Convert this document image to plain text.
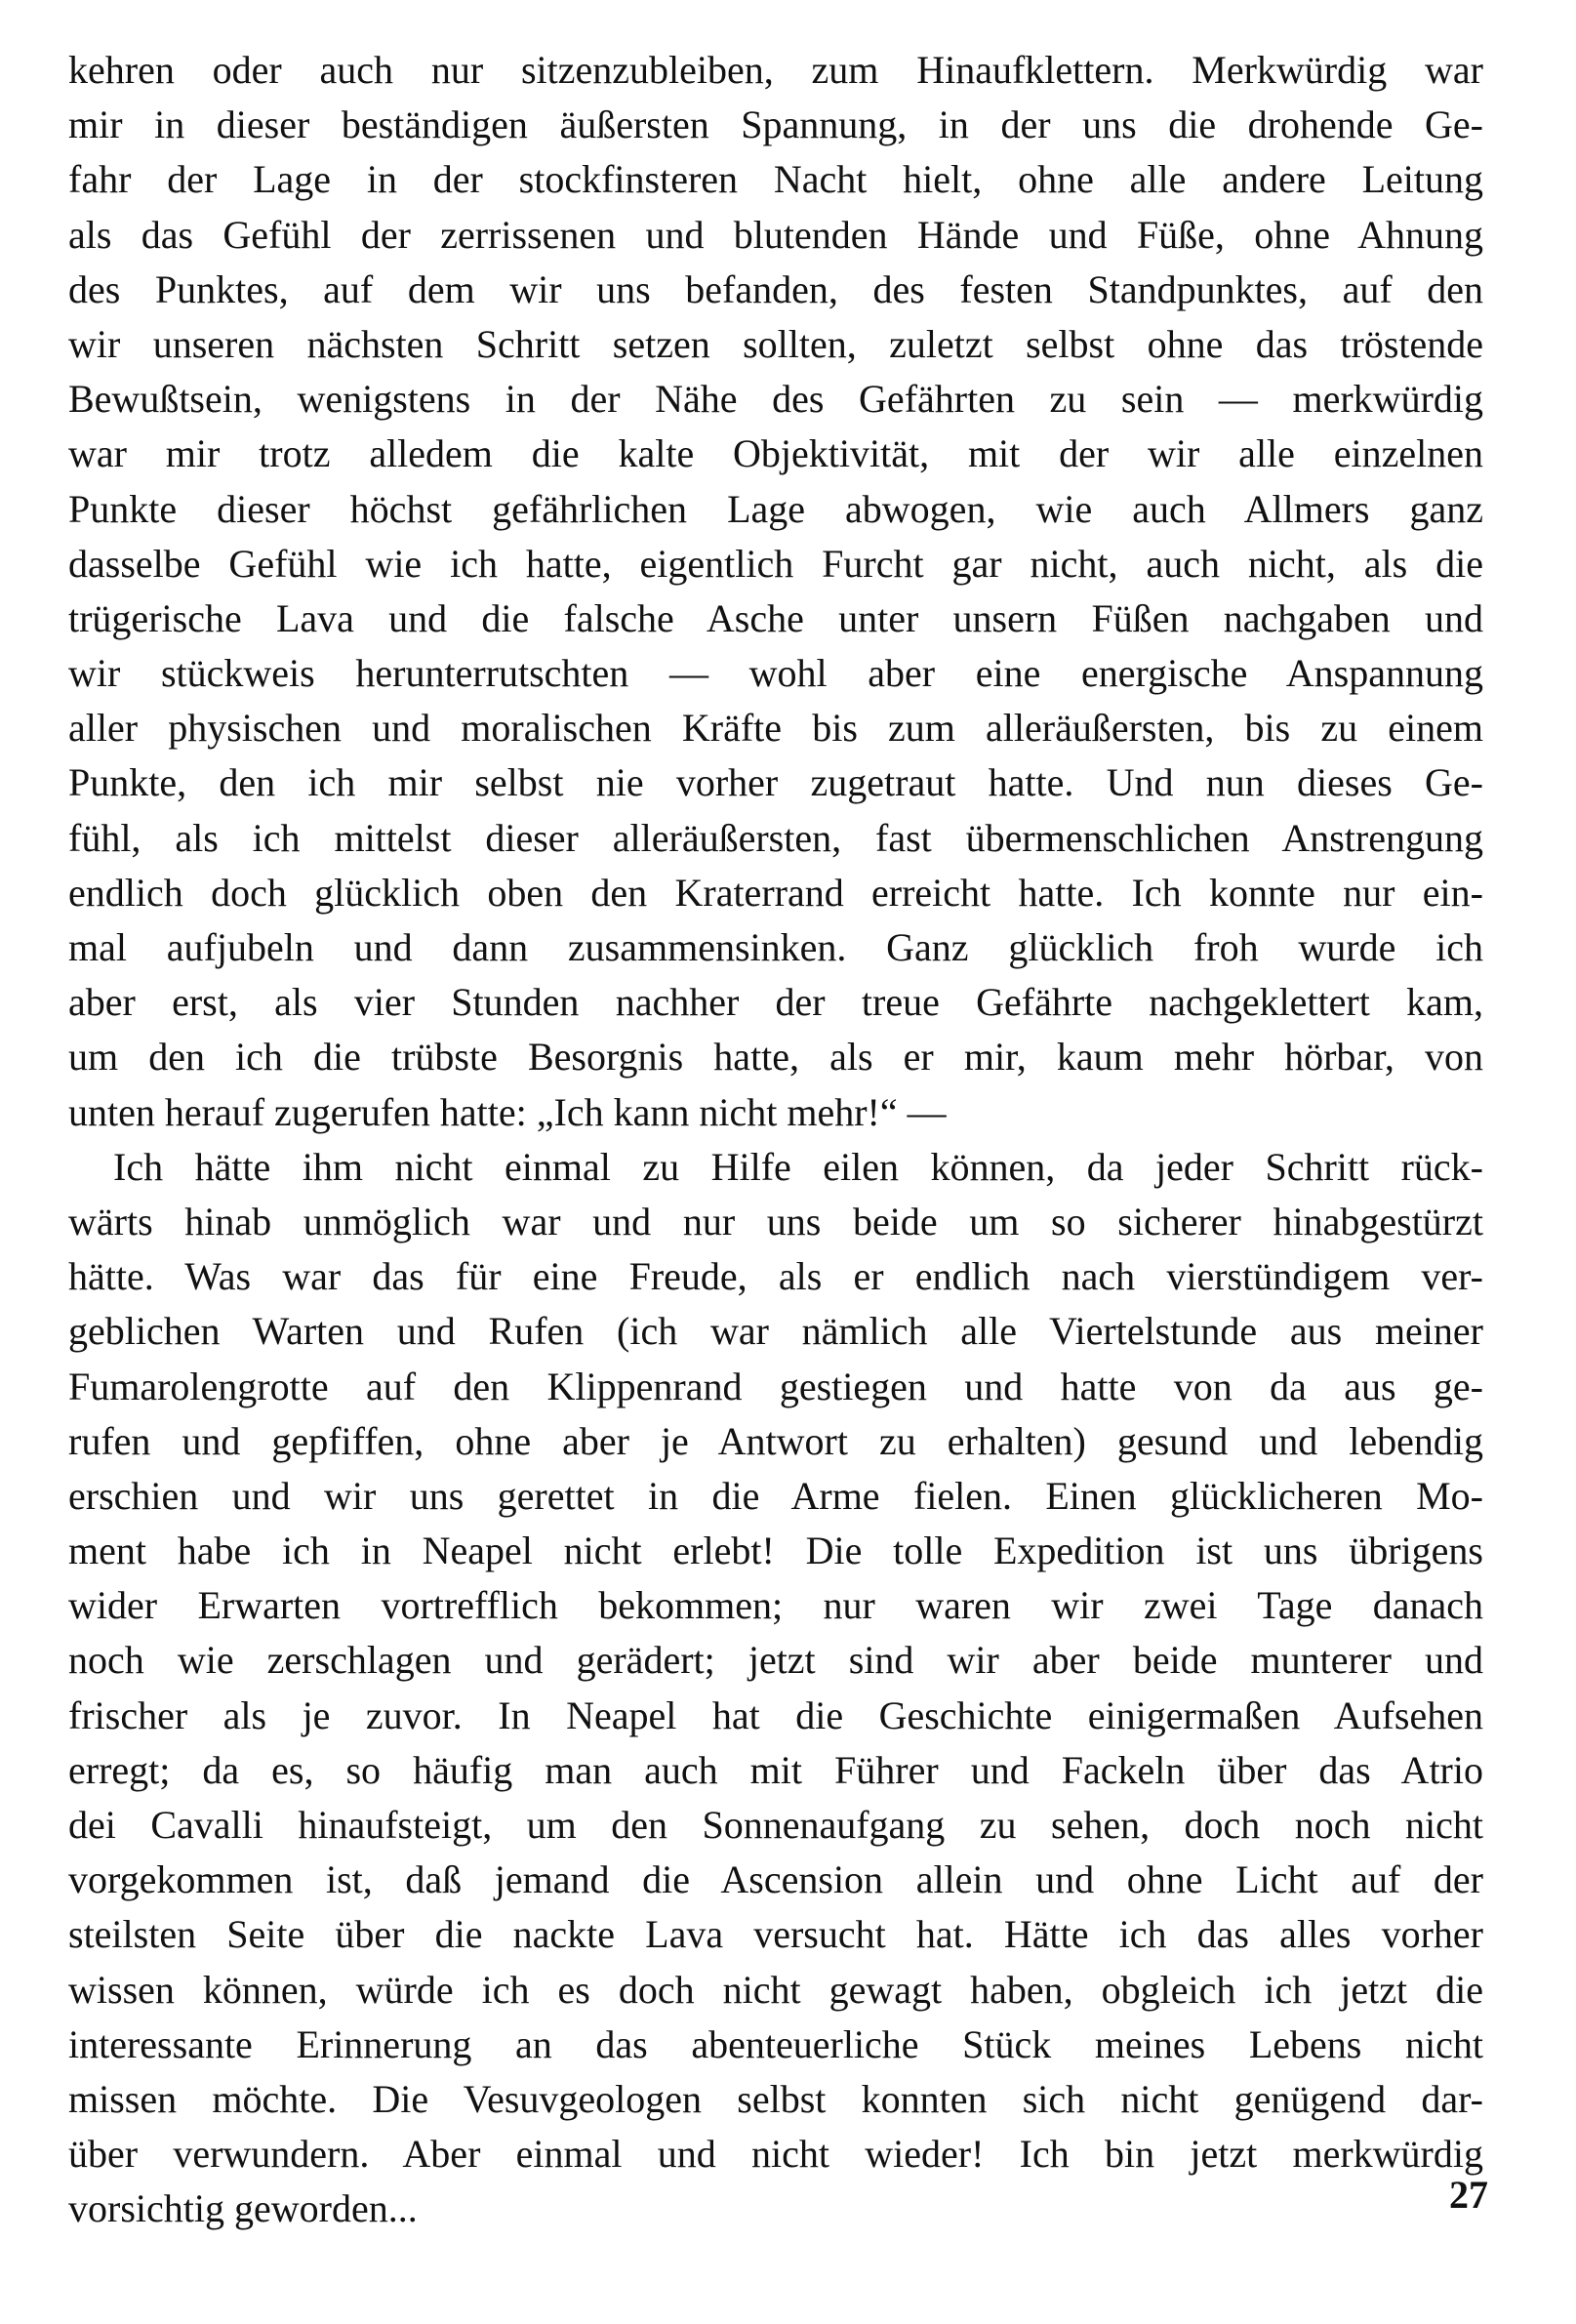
kehren oder auch nur sitzenzubleiben, zum Hinaufklettern. Merkwürdig war
mir in dieser beständigen äußersten Spannung, in der uns die drohende Ge-
fahr der Lage in der stockfinsteren Nacht hielt, ohne alle andere Leitung
als das Gefühl der zerrissenen und blutenden Hände und Füße, ohne Ahnung
des Punktes, auf dem wir uns befanden, des festen Standpunktes, auf den
wir unseren nächsten Schritt setzen sollten, zuletzt selbst ohne das tröstende
Bewußtsein, wenigstens in der Nähe des Gefährten zu sein — merkwürdig
war mir trotz alledem die kalte Objektivität, mit der wir alle einzelnen
Punkte dieser höchst gefährlichen Lage abwogen, wie auch Allmers ganz
dasselbe Gefühl wie ich hatte, eigentlich Furcht gar nicht, auch nicht, als die
trügerische Lava und die falsche Asche unter unsern Füßen nachgaben und
wir stückweis herunterrutschten — wohl aber eine energische Anspannung
aller physischen und moralischen Kräfte bis zum alleräußersten, bis zu einem
Punkte, den ich mir selbst nie vorher zugetraut hatte. Und nun dieses Ge-
fühl, als ich mittelst dieser alleräußersten, fast übermenschlichen Anstrengung
endlich doch glücklich oben den Kraterrand erreicht hatte. Ich konnte nur ein-
mal aufjubeln und dann zusammensinken. Ganz glücklich froh wurde ich
aber erst, als vier Stunden nachher der treue Gefährte nachgeklettert kam,
um den ich die trübste Besorgnis hatte, als er mir, kaum mehr hörbar, von
unten herauf zugerufen hatte: „Ich kann nicht mehr!“ —
Ich hätte ihm nicht einmal zu Hilfe eilen können, da jeder Schritt rück-
wärts hinab unmöglich war und nur uns beide um so sicherer hinabgestürzt
hätte. Was war das für eine Freude, als er endlich nach vierstündigem ver-
geblichen Warten und Rufen (ich war nämlich alle Viertelstunde aus meiner
Fumarolengrotte auf den Klippenrand gestiegen und hatte von da aus ge-
rufen und gepfiffen, ohne aber je Antwort zu erhalten) gesund und lebendig
erschien und wir uns gerettet in die Arme fielen. Einen glücklicheren Mo-
ment habe ich in Neapel nicht erlebt! Die tolle Expedition ist uns übrigens
wider Erwarten vortrefflich bekommen; nur waren wir zwei Tage danach
noch wie zerschlagen und gerädert; jetzt sind wir aber beide munterer und
frischer als je zuvor. In Neapel hat die Geschichte einigermaßen Aufsehen
erregt; da es, so häufig man auch mit Führer und Fackeln über das Atrio
dei Cavalli hinaufsteigt, um den Sonnenaufgang zu sehen, doch noch nicht
vorgekommen ist, daß jemand die Ascension allein und ohne Licht auf der
steilsten Seite über die nackte Lava versucht hat. Hätte ich das alles vorher
wissen können, würde ich es doch nicht gewagt haben, obgleich ich jetzt die
interessante Erinnerung an das abenteuerliche Stück meines Lebens nicht
missen möchte. Die Vesuvgeologen selbst konnten sich nicht genügend dar-
über verwundern. Aber einmal und nicht wieder! Ich bin jetzt merkwürdig
vorsichtig geworden...	27
